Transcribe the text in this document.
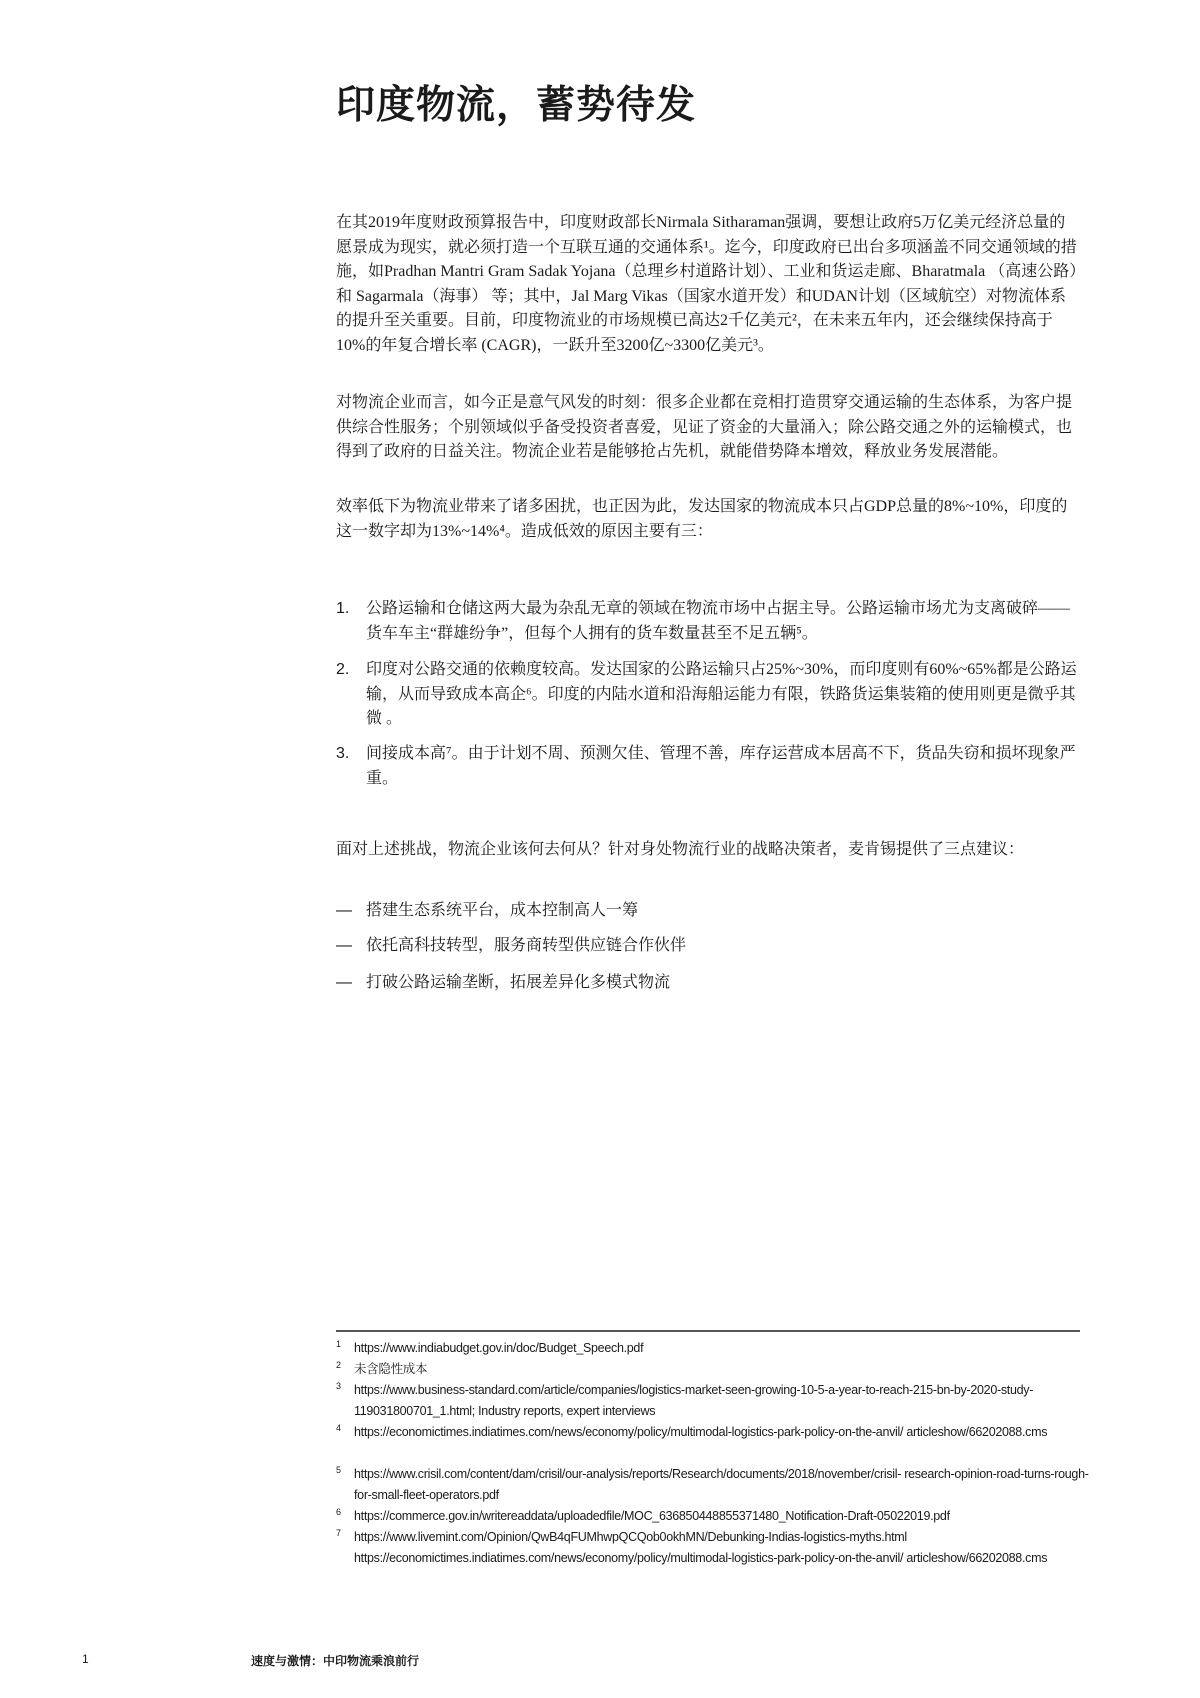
印度物流，蓄势待发

在其2019年度财政预算报告中，印度财政部长Nirmala Sitharaman强调，要想让政府5万亿美元经济总量的愿景成为现实，就必须打造一个互联互通的交通体系¹。迄今，印度政府已出台多项涵盖不同交通领域的措施，如Pradhan Mantri Gram Sadak Yojana（总理乡村道路计划）、工业和货运走廊、Bharatmala （高速公路）和 Sagarmala（海事） 等；其中，Jal Marg Vikas（国家水道开发）和UDAN计划（区域航空）对物流体系的提升至关重要。目前，印度物流业的市场规模已高达2千亿美元²，在未来五年内，还会继续保持高于10%的年复合增长率 (CAGR)，一跃升至3200亿~3300亿美元³。

对物流企业而言，如今正是意气风发的时刻：很多企业都在竞相打造贯穿交通运输的生态体系，为客户提供综合性服务；个别领域似乎备受投资者喜爱，见证了资金的大量涌入；除公路交通之外的运输模式，也得到了政府的日益关注。物流企业若是能够抢占先机，就能借势降本增效，释放业务发展潜能。

效率低下为物流业带来了诸多困扰，也正因为此，发达国家的物流成本只占GDP总量的8%~10%，印度的这一数字却为13%~14%⁴。造成低效的原因主要有三：

1. 公路运输和仓储这两大最为杂乱无章的领域在物流市场中占据主导。公路运输市场尤为支离破碎——货车车主“群雄纷争”，但每个人拥有的货车数量甚至不足五辆⁵。
2. 印度对公路交通的依赖度较高。发达国家的公路运输只占25%~30%，而印度则有60%~65%都是公路运输，从而导致成本高企⁶。印度的内陆水道和沿海船运能力有限，铁路货运集装箱的使用则更是微乎其微 。
3. 间接成本高⁷。由于计划不周、预测欠佳、管理不善，库存运营成本居高不下，货品失窃和损坏现象严重。
面对上述挑战，物流企业该何去何从？针对身处物流行业的战略决策者，麦肯锡提供了三点建议：
— 搭建生态系统平台，成本控制高人一筹
— 依托高科技转型，服务商转型供应链合作伙伴
— 打破公路运输垄断，拓展差异化多模式物流
1 https://www.indiabudget.gov.in/doc/Budget_Speech.pdf
2 未含隐性成本
3 https://www.business-standard.com/article/companies/logistics-market-seen-growing-10-5-a-year-to-reach-215-bn-by-2020-study-119031800701_1.html; Industry reports, expert interviews
4 https://economictimes.indiatimes.com/news/economy/policy/multimodal-logistics-park-policy-on-the-anvil/ articleshow/66202088.cms
5 https://www.crisil.com/content/dam/crisil/our-analysis/reports/Research/documents/2018/november/crisil- research-opinion-road-turns-rough-for-small-fleet-operators.pdf
6 https://commerce.gov.in/writereaddata/uploadedfile/MOC_636850448855371480_Notification-Draft-05022019.pdf
7 https://www.livemint.com/Opinion/QwB4qFUMhwpQCQob0okhMN/Debunking-Indias-logistics-myths.html https://economictimes.indiatimes.com/news/economy/policy/multimodal-logistics-park-policy-on-the-anvil/ articleshow/66202088.cms
1	速度与激情：中印物流乘浪前行
